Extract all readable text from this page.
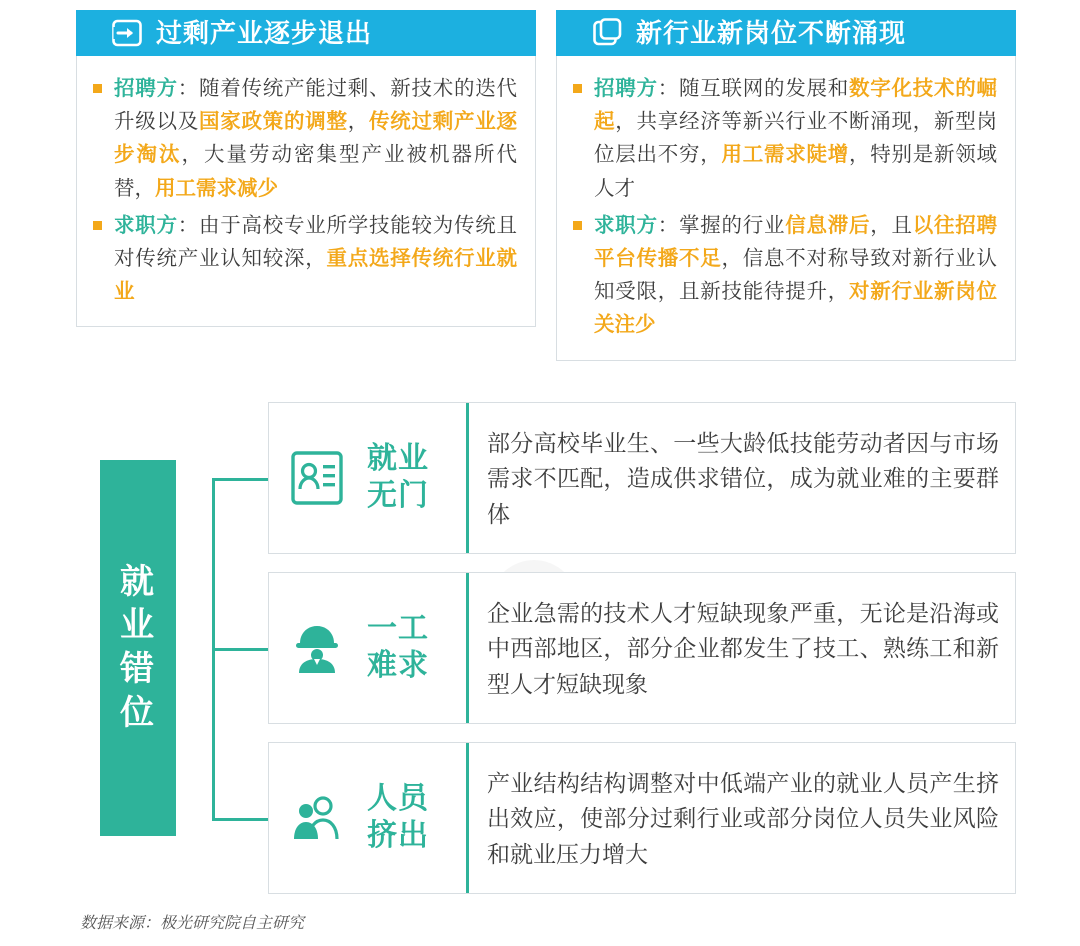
过剩产业逐步退出
招聘方：随着传统产能过剩、新技术的迭代升级以及国家政策的调整，传统过剩产业逐步淘汰，大量劳动密集型产业被机器所代替，用工需求减少
求职方：由于高校专业所学技能较为传统且对传统产业认知较深，重点选择传统行业就业
新行业新岗位不断涌现
招聘方：随互联网的发展和数字化技术的崛起，共享经济等新兴行业不断涌现，新型岗位层出不穷，用工需求陡增，特别是新领域人才
求职方：掌握的行业信息滞后，且以往招聘平台传播不足，信息不对称导致对新行业认知受限，且新技能待提升，对新行业新岗位关注少
就业错位
就业
无门
部分高校毕业生、一些大龄低技能劳动者因与市场需求不匹配，造成供求错位，成为就业难的主要群体
一工
难求
企业急需的技术人才短缺现象严重，无论是沿海或中西部地区，部分企业都发生了技工、熟练工和新型人才短缺现象
人员
挤出
产业结构结构调整对中低端产业的就业人员产生挤出效应，使部分过剩行业或部分岗位人员失业风险和就业压力增大
数据来源：极光研究院自主研究
